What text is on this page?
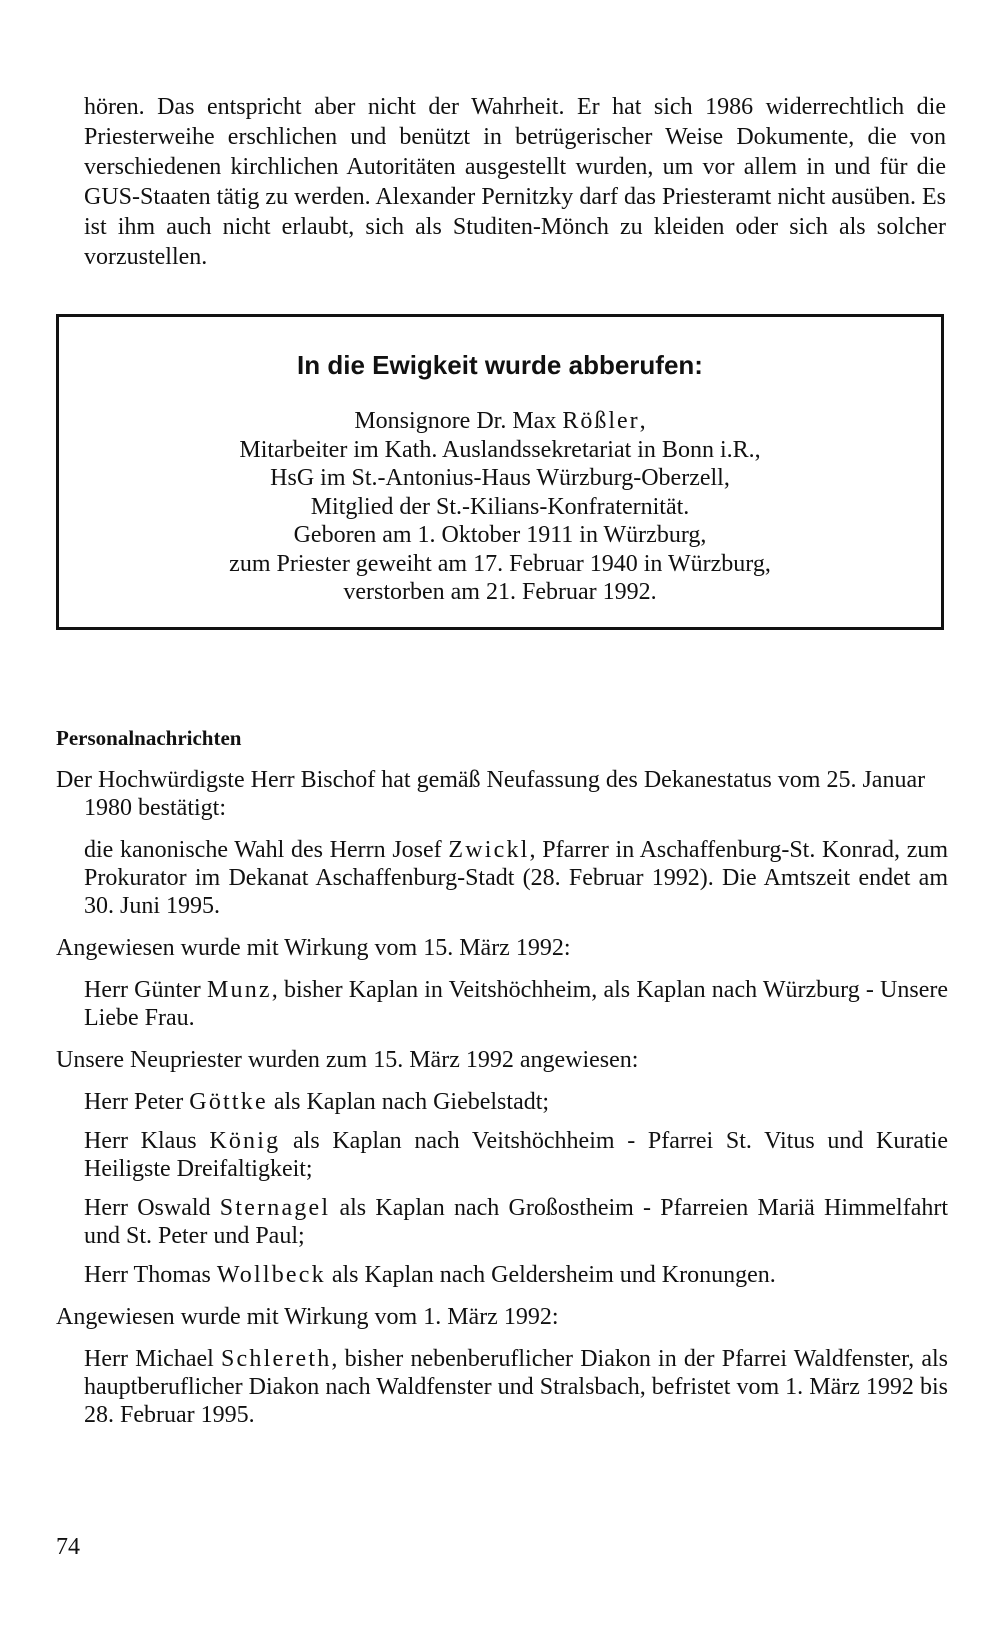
hören. Das entspricht aber nicht der Wahrheit. Er hat sich 1986 widerrechtlich die Priesterweihe erschlichen und benützt in betrügerischer Weise Dokumente, die von verschiedenen kirchlichen Autoritäten ausgestellt wurden, um vor allem in und für die GUS-Staaten tätig zu werden. Alexander Pernitzky darf das Priesteramt nicht ausüben. Es ist ihm auch nicht erlaubt, sich als Studiten-Mönch zu kleiden oder sich als solcher vorzustellen.

In die Ewigkeit wurde abberufen:
Monsignore Dr. Max Rößler,
Mitarbeiter im Kath. Auslandssekretariat in Bonn i.R.,
HsG im St.-Antonius-Haus Würzburg-Oberzell,
Mitglied der St.-Kilians-Konfraternität.
Geboren am 1. Oktober 1911 in Würzburg,
zum Priester geweiht am 17. Februar 1940 in Würzburg,
verstorben am 21. Februar 1992.
Personalnachrichten
Der Hochwürdigste Herr Bischof hat gemäß Neufassung des Dekanestatus vom 25. Januar 1980 bestätigt:
die kanonische Wahl des Herrn Josef Zwickl, Pfarrer in Aschaffenburg-St. Konrad, zum Prokurator im Dekanat Aschaffenburg-Stadt (28. Februar 1992). Die Amtszeit endet am 30. Juni 1995.
Angewiesen wurde mit Wirkung vom 15. März 1992:
Herr Günter Munz, bisher Kaplan in Veitshöchheim, als Kaplan nach Würzburg - Unsere Liebe Frau.
Unsere Neupriester wurden zum 15. März 1992 angewiesen:
Herr Peter Göttke als Kaplan nach Giebelstadt;
Herr Klaus König als Kaplan nach Veitshöchheim - Pfarrei St. Vitus und Kuratie Heiligste Dreifaltigkeit;
Herr Oswald Sternagel als Kaplan nach Großostheim - Pfarreien Mariä Himmelfahrt und St. Peter und Paul;
Herr Thomas Wollbeck als Kaplan nach Geldersheim und Kronungen.
Angewiesen wurde mit Wirkung vom 1. März 1992:
Herr Michael Schlereth, bisher nebenberuflicher Diakon in der Pfarrei Waldfenster, als hauptberuflicher Diakon nach Waldfenster und Stralsbach, befristet vom 1. März 1992 bis 28. Februar 1995.
74
